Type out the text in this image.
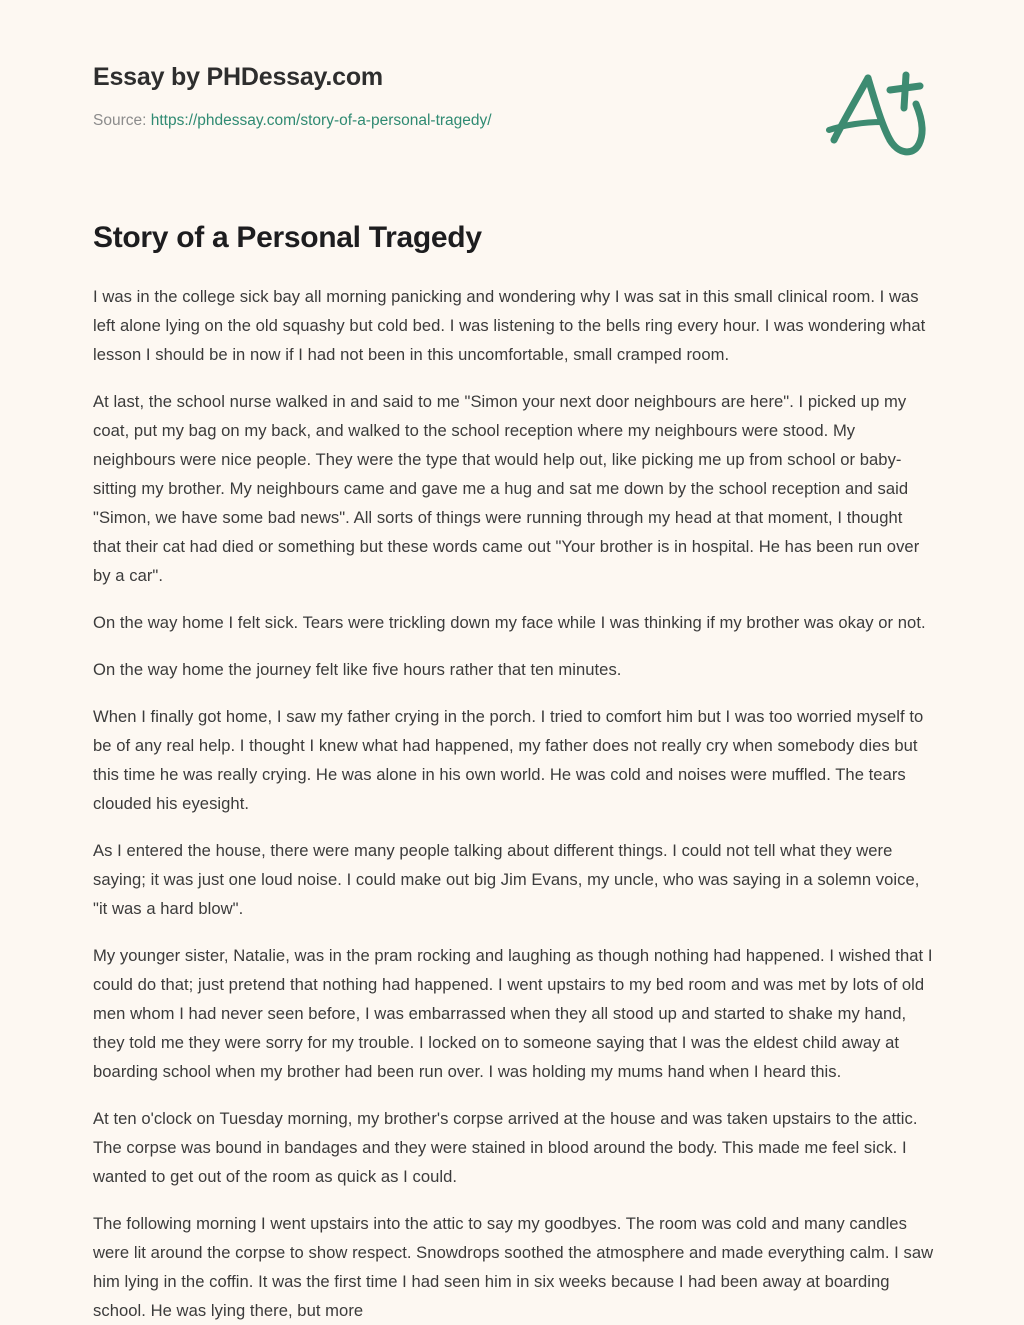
Essay by PHDessay.com
Source: https://phdessay.com/story-of-a-personal-tragedy/
Story of a Personal Tragedy

I was in the college sick bay all morning panicking and wondering why I was sat in this small clinical room. I was left alone lying on the old squashy but cold bed. I was listening to the bells ring every hour. I was wondering what lesson I should be in now if I had not been in this uncomfortable, small cramped room.

At last, the school nurse walked in and said to me "Simon your next door neighbours are here". I picked up my coat, put my bag on my back, and walked to the school reception where my neighbours were stood. My neighbours were nice people. They were the type that would help out, like picking me up from school or baby-sitting my brother. My neighbours came and gave me a hug and sat me down by the school reception and said "Simon, we have some bad news". All sorts of things were running through my head at that moment, I thought that their cat had died or something but these words came out "Your brother is in hospital. He has been run over by a car".

On the way home I felt sick. Tears were trickling down my face while I was thinking if my brother was okay or not.

On the way home the journey felt like five hours rather that ten minutes.

When I finally got home, I saw my father crying in the porch. I tried to comfort him but I was too worried myself to be of any real help. I thought I knew what had happened, my father does not really cry when somebody dies but this time he was really crying. He was alone in his own world. He was cold and noises were muffled. The tears clouded his eyesight.

As I entered the house, there were many people talking about different things. I could not tell what they were saying; it was just one loud noise. I could make out big Jim Evans, my uncle, who was saying in a solemn voice, "it was a hard blow".

My younger sister, Natalie, was in the pram rocking and laughing as though nothing had happened. I wished that I could do that; just pretend that nothing had happened. I went upstairs to my bed room and was met by lots of old men whom I had never seen before, I was embarrassed when they all stood up and started to shake my hand, they told me they were sorry for my trouble. I locked on to someone saying that I was the eldest child away at boarding school when my brother had been run over. I was holding my mums hand when I heard this.

At ten o'clock on Tuesday morning, my brother's corpse arrived at the house and was taken upstairs to the attic. The corpse was bound in bandages and they were stained in blood around the body. This made me feel sick. I wanted to get out of the room as quick as I could.

The following morning I went upstairs into the attic to say my goodbyes. The room was cold and many candles were lit around the corpse to show respect. Snowdrops soothed the atmosphere and made everything calm. I saw him lying in the coffin. It was the first time I had seen him in six weeks because I had been away at boarding school. He was lying there, but more
